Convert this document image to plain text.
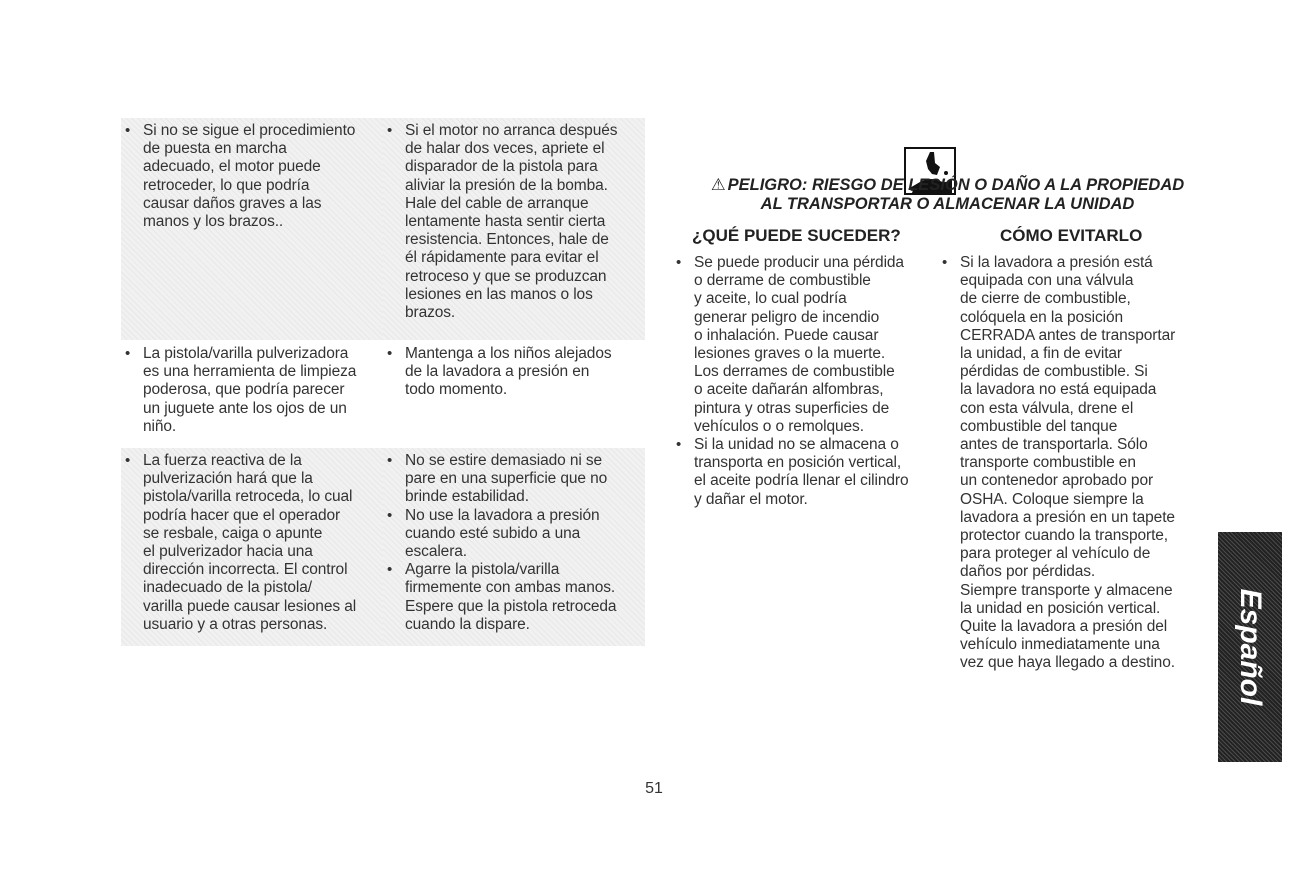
• Si no se sigue el procedimiento
de puesta en marcha
adecuado, el motor puede
retroceder, lo que podría
causar daños graves a las
manos y los brazos..
• Si el motor no arranca después
de halar dos veces, apriete el
disparador de la pistola para
aliviar la presión de la bomba.
Hale del cable de arranque
lentamente hasta sentir cierta
resistencia. Entonces, hale de
él rápidamente para evitar el
retroceso y que se produzcan
lesiones en las manos o los
brazos.
• La pistola/varilla pulverizadora
es una herramienta de limpieza
poderosa, que podría parecer
un juguete ante los ojos de un
niño.
• Mantenga a los niños alejados
de la lavadora a presión en
todo momento.
• La fuerza reactiva de la
pulverización hará que la
pistola/varilla retroceda, lo cual
podría hacer que el operador
se resbale, caiga o apunte
el pulverizador hacia una
dirección incorrecta. El control
inadecuado de la pistola/
varilla puede causar lesiones al
usuario y a otras personas.
• No se estire demasiado ni se
pare en una superficie que no
brinde estabilidad.
• No use la lavadora a presión
cuando esté subido a una
escalera.
• Agarre la pistola/varilla
firmemente con ambas manos.
Espere que la pistola retroceda
cuando la dispare.
⚠ PELIGRO: RIESGO DE LESIÓN O DAÑO A LA PROPIEDAD
AL TRANSPORTAR O ALMACENAR LA UNIDAD
¿QUÉ PUEDE SUCEDER?	CÓMO EVITARLO
• Se puede producir una pérdida
o derrame de combustible
y aceite, lo cual podría
generar peligro de incendio
o inhalación. Puede causar
lesiones graves o la muerte.
Los derrames de combustible
o aceite dañarán alfombras,
pintura y otras superficies de
vehículos o o remolques.
• Si la unidad no se almacena o
transporta en posición vertical,
el aceite podría llenar el cilindro
y dañar el motor.
• Si la lavadora a presión está
equipada con una válvula
de cierre de combustible,
colóquela en la posición
CERRADA antes de transportar
la unidad, a fin de evitar
pérdidas de combustible. Si
la lavadora no está equipada
con esta válvula, drene el
combustible del tanque
antes de transportarla. Sólo
transporte combustible en
un contenedor aprobado por
OSHA. Coloque siempre la
lavadora a presión en un tapete
protector cuando la transporte,
para proteger al vehículo de
daños por pérdidas.
Siempre transporte y almacene
la unidad en posición vertical.
Quite la lavadora a presión del
vehículo inmediatamente una
vez que haya llegado a destino.	Español
51
